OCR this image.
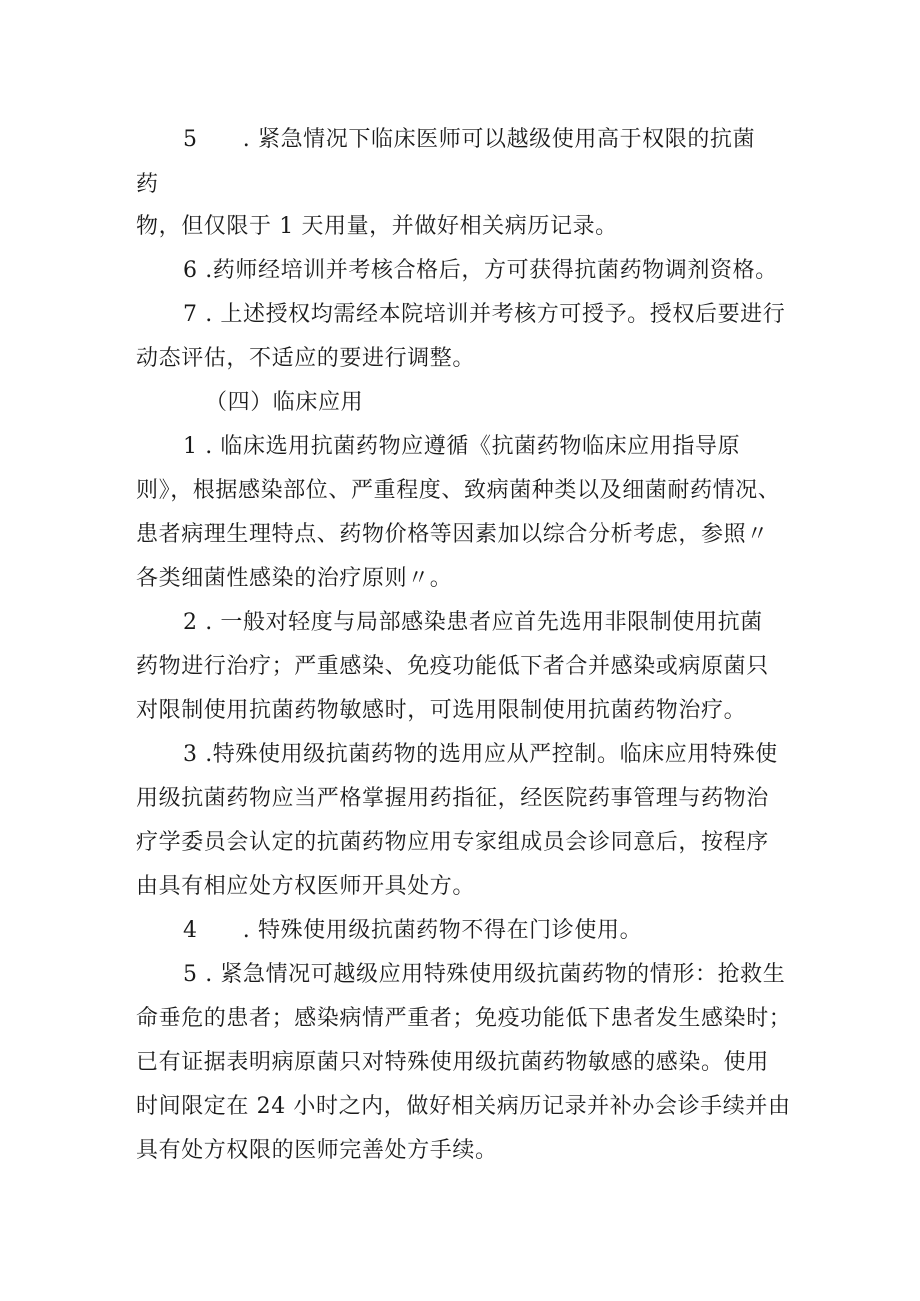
5　　. 紧急情况下临床医师可以越级使用高于权限的抗菌
药
物，但仅限于 1 天用量，并做好相关病历记录。
6 .药师经培训并考核合格后，方可获得抗菌药物调剂资格。
7 . 上述授权均需经本院培训并考核方可授予。授权后要进行
动态评估，不适应的要进行调整。
（四）临床应用
1 . 临床选用抗菌药物应遵循《抗菌药物临床应用指导原
则》，根据感染部位、严重程度、致病菌种类以及细菌耐药情况、
患者病理生理特点、药物价格等因素加以综合分析考虑，参照〃
各类细菌性感染的治疗原则〃。
2 . 一般对轻度与局部感染患者应首先选用非限制使用抗菌
药物进行治疗；严重感染、免疫功能低下者合并感染或病原菌只
对限制使用抗菌药物敏感时，可选用限制使用抗菌药物治疗。
3 .特殊使用级抗菌药物的选用应从严控制。临床应用特殊使
用级抗菌药物应当严格掌握用药指征，经医院药事管理与药物治
疗学委员会认定的抗菌药物应用专家组成员会诊同意后，按程序
由具有相应处方权医师开具处方。
4　　. 特殊使用级抗菌药物不得在门诊使用。
5 . 紧急情况可越级应用特殊使用级抗菌药物的情形：抢救生
命垂危的患者；感染病情严重者；免疫功能低下患者发生感染时；
已有证据表明病原菌只对特殊使用级抗菌药物敏感的感染。使用
时间限定在 24 小时之内，做好相关病历记录并补办会诊手续并由
具有处方权限的医师完善处方手续。
